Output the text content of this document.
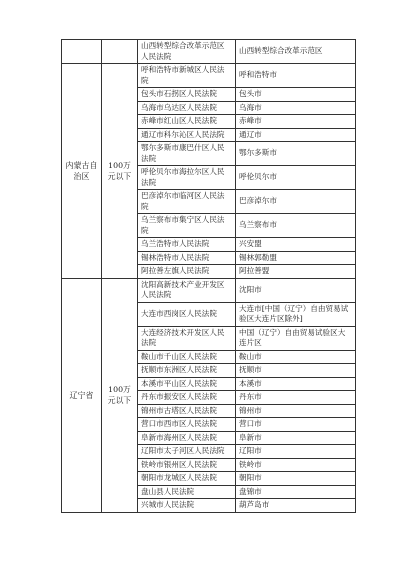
		山西转型综合改革示范区人民法院	山西转型综合改革示范区
内蒙古自治区	100万元以下	呼和浩特市新城区人民法院	呼和浩特市
		包头市石拐区人民法院	包头市
		乌海市乌达区人民法院	乌海市
		赤峰市红山区人民法院	赤峰市
		通辽市科尔沁区人民法院	通辽市
		鄂尔多斯市康巴什区人民法院	鄂尔多斯市
		呼伦贝尔市海拉尔区人民法院	呼伦贝尔市
		巴彦淖尔市临河区人民法院	巴彦淖尔市
		乌兰察布市集宁区人民法院	乌兰察布市
		乌兰浩特市人民法院	兴安盟
		锡林浩特市人民法院	锡林郭勒盟
		阿拉善左旗人民法院	阿拉善盟
辽宁省	100万元以下	沈阳高新技术产业开发区人民法院	沈阳市
		大连市西岗区人民法院	大连市[中国（辽宁）自由贸易试验区大连片区除外]
		大连经济技术开发区人民法院	中国（辽宁）自由贸易试验区大连片区
		鞍山市千山区人民法院	鞍山市
		抚顺市东洲区人民法院	抚顺市
		本溪市平山区人民法院	本溪市
		丹东市振安区人民法院	丹东市
		锦州市古塔区人民法院	锦州市
		营口市西市区人民法院	营口市
		阜新市海州区人民法院	阜新市
		辽阳市太子河区人民法院	辽阳市
		铁岭市银州区人民法院	铁岭市
		朝阳市龙城区人民法院	朝阳市
		盘山县人民法院	盘锦市
		兴城市人民法院	葫芦岛市
